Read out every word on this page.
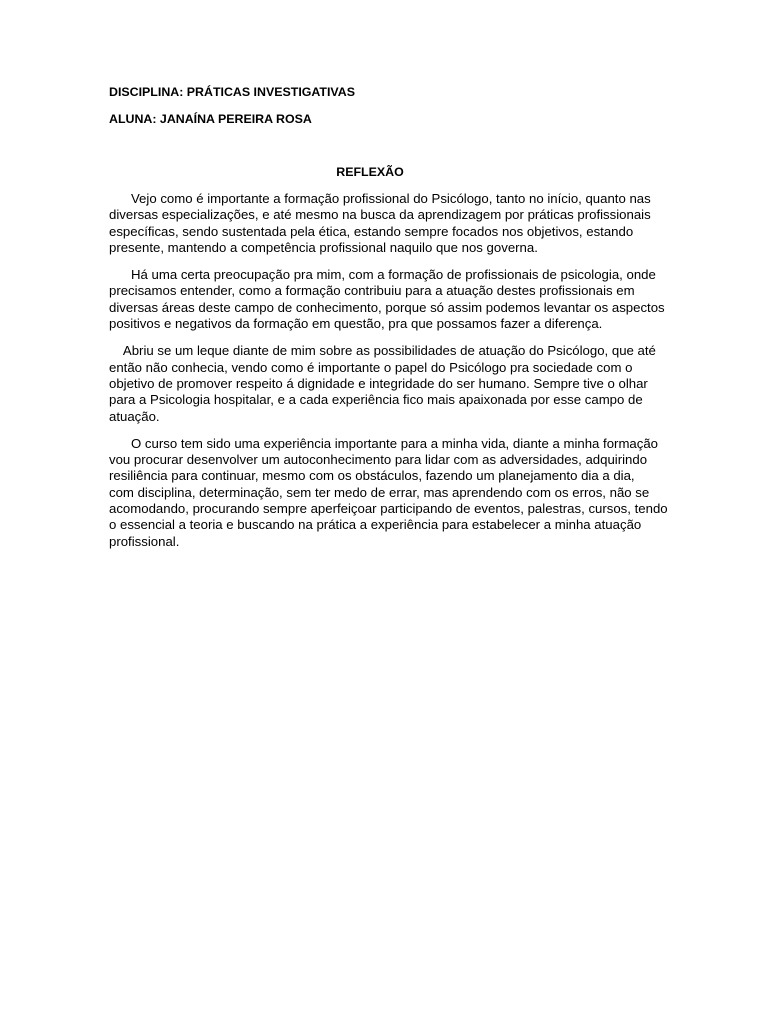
DISCIPLINA: PRÁTICAS INVESTIGATIVAS
ALUNA: JANAÍNA PEREIRA ROSA
REFLEXÃO

Vejo como é importante a formação profissional do Psicólogo, tanto no início, quanto nas
diversas especializações, e até mesmo na busca da aprendizagem por práticas profissionais
específicas, sendo sustentada pela ética, estando sempre focados nos objetivos, estando
presente, mantendo a competência profissional naquilo que nos governa.

Há uma certa preocupação pra mim, com a formação de profissionais de psicologia, onde
precisamos entender, como a formação contribuiu para a atuação destes profissionais em
diversas áreas deste campo de conhecimento, porque só assim podemos levantar os aspectos
positivos e negativos da formação em questão, pra que possamos fazer a diferença.

Abriu se um leque diante de mim sobre as possibilidades de atuação do Psicólogo, que até
então não conhecia, vendo como é importante o papel do Psicólogo pra sociedade com o
objetivo de promover respeito á dignidade e integridade do ser humano. Sempre tive o olhar
para a Psicologia hospitalar, e a cada experiência fico mais apaixonada por esse campo de
atuação.

O curso tem sido uma experiência importante para a minha vida, diante a minha formação
vou procurar desenvolver um autoconhecimento para lidar com as adversidades, adquirindo
resiliência para continuar, mesmo com os obstáculos, fazendo um planejamento dia a dia,
com disciplina, determinação, sem ter medo de errar, mas aprendendo com os erros, não se
acomodando, procurando sempre aperfeiçoar participando de eventos, palestras, cursos, tendo
o essencial a teoria e buscando na prática a experiência para estabelecer a minha atuação
profissional.
